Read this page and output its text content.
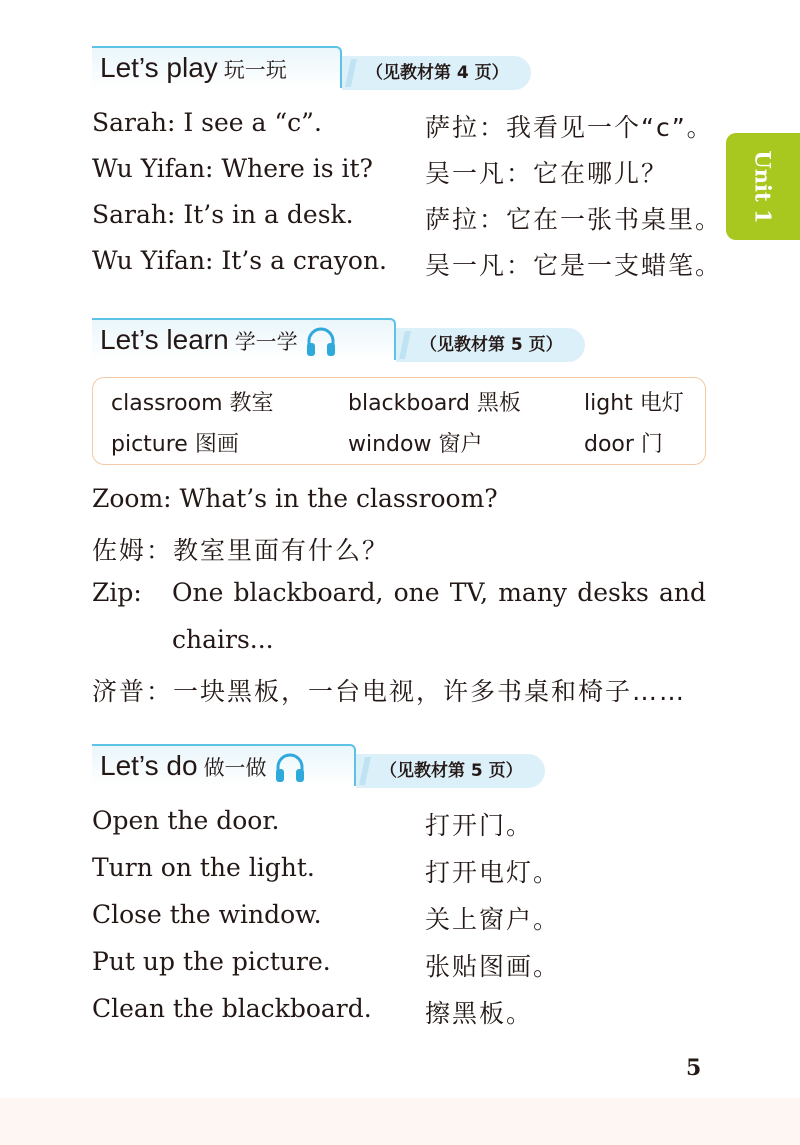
Let’s play 玩一玩	（见教材第 4 页）
Sarah: I see a “c”.	萨拉：我看见一个“c”。
Wu Yifan: Where is it? 吴一凡：它在哪儿？
Sarah: It’s in a desk.	萨拉：它在一张书桌里。
Wu Yifan: It’s a crayon. 吴一凡：它是一支蜡笔。
Let’s learn 学一学	（见教材第 5 页）
classroom 教室	blackboard 黑板	light 电灯
picture 图画	window 窗户	door 门
Zoom: What’s in the classroom?
佐姆：教室里面有什么？
Zip: One blackboard, one TV, many desks and
chairs...
济普：一块黑板，一台电视，许多书桌和椅子……
Let’s do 做一做	（见教材第 5 页）
Open the door.	打开门。
Turn on the light.	打开电灯。
Close the window.	关上窗户。
Put up the picture.	张贴图画。
Clean the blackboard. 擦黑板。
Unit 1
5
